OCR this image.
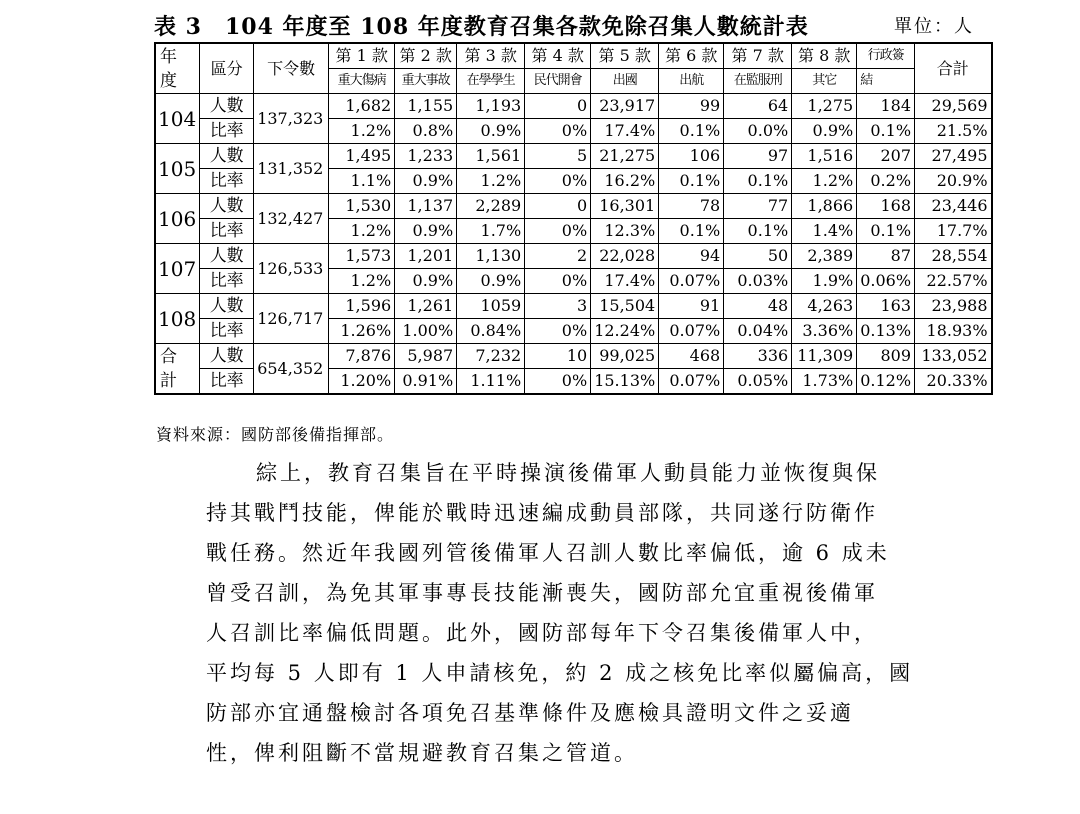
表 3　104 年度至 108 年度教育召集各款免除召集人數統計表	單位：人
年
度	區分	下令數	第 1 款	第 2 款	第 3 款	第 4 款	第 5 款	第 6 款	第 7 款	第 8 款	行政簽	合計
			重大傷病	重大事故	在學學生	民代開會	出國	出航	在監服刑	其它	結	
104	人數	137,323	1,682	1,155	1,193	0	23,917	99	64	1,275	184	29,569
	比率		1.2%	0.8%	0.9%	0%	17.4%	0.1%	0.0%	0.9%	0.1%	21.5%
105	人數	131,352	1,495	1,233	1,561	5	21,275	106	97	1,516	207	27,495
	比率		1.1%	0.9%	1.2%	0%	16.2%	0.1%	0.1%	1.2%	0.2%	20.9%
106	人數	132,427	1,530	1,137	2,289	0	16,301	78	77	1,866	168	23,446
	比率		1.2%	0.9%	1.7%	0%	12.3%	0.1%	0.1%	1.4%	0.1%	17.7%
107	人數	126,533	1,573	1,201	1,130	2	22,028	94	50	2,389	87	28,554
	比率		1.2%	0.9%	0.9%	0%	17.4%	0.07%	0.03%	1.9%	0.06%	22.57%
108	人數	126,717	1,596	1,261	1059	3	15,504	91	48	4,263	163	23,988
	比率		1.26%	1.00%	0.84%	0%	12.24%	0.07%	0.04%	3.36%	0.13%	18.93%

合
計	人數	654,352	7,876	5,987	7,232	10	99,025	468	336	11,309	809	133,052
	比率		1.20%	0.91%	1.11%	0%	15.13%	0.07%	0.05%	1.73%	0.12%	20.33%
資料來源：國防部後備指揮部。
綜上，教育召集旨在平時操演後備軍人動員能力並恢復與保
持其戰鬥技能，俾能於戰時迅速編成動員部隊，共同遂行防衛作
戰任務。然近年我國列管後備軍人召訓人數比率偏低，逾 6 成未
曾受召訓，為免其軍事專長技能漸喪失，國防部允宜重視後備軍
人召訓比率偏低問題。此外，國防部每年下令召集後備軍人中，
平均每 5 人即有 1 人申請核免，約 2 成之核免比率似屬偏高，國
防部亦宜通盤檢討各項免召基準條件及應檢具證明文件之妥適
性，俾利阻斷不當規避教育召集之管道。
